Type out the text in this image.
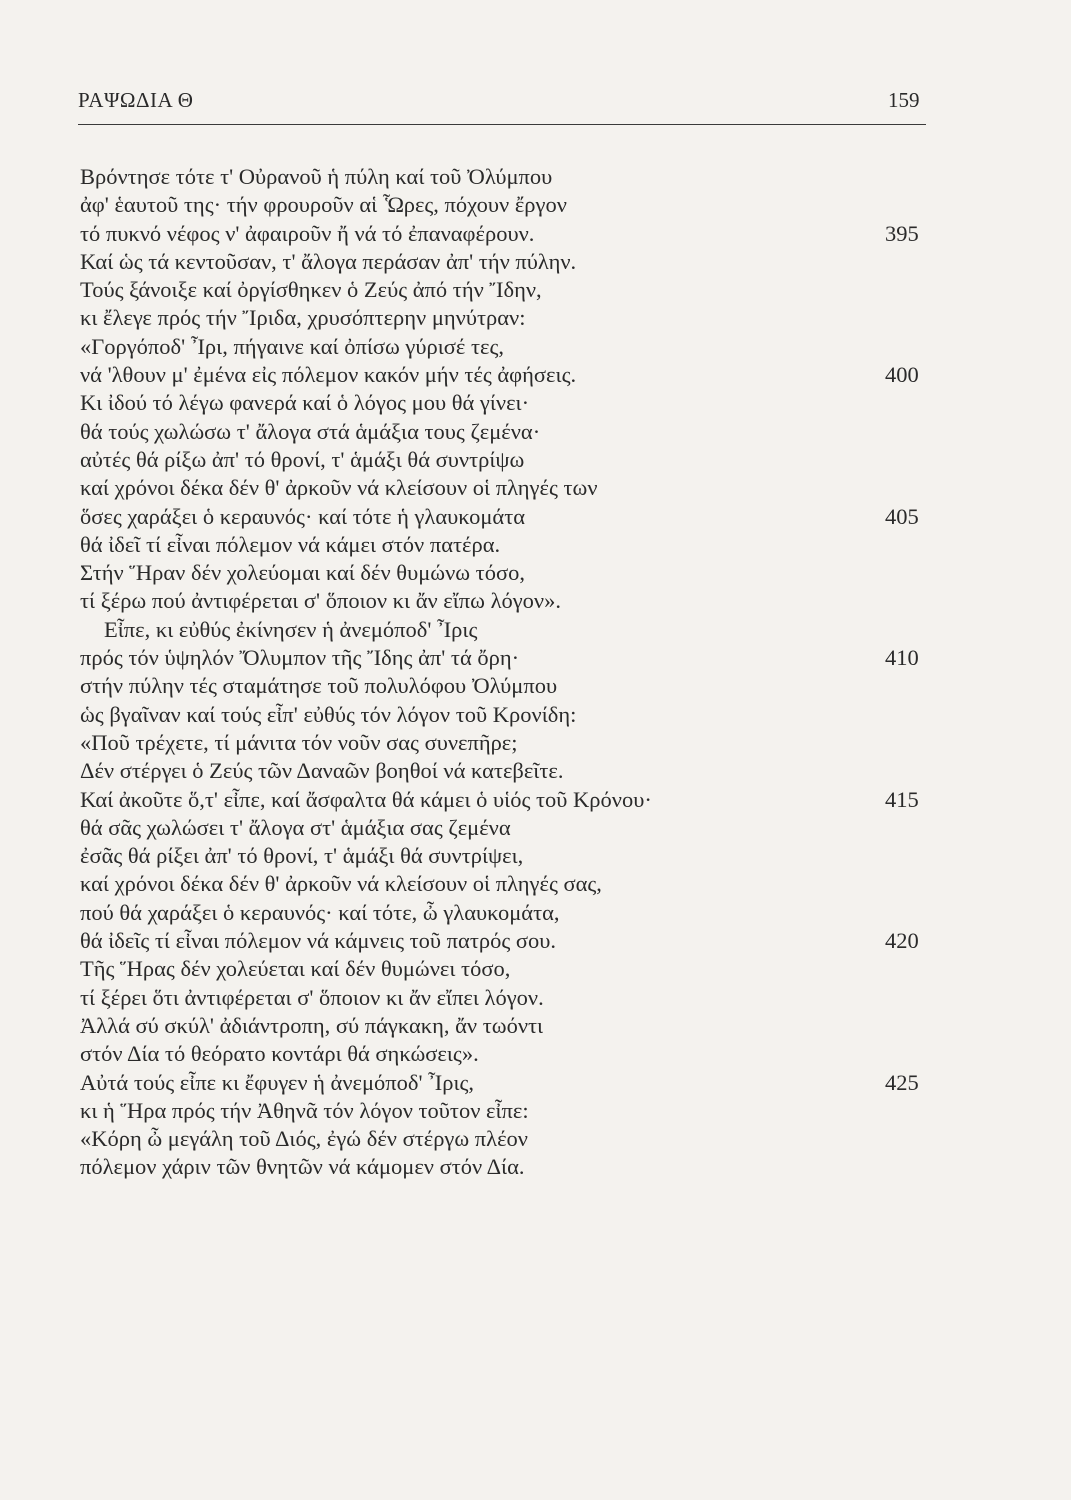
ΡΑΨΩΔΙΑ Θ	159
Βρόντησε τότε τ' Οὐρανοῦ ἡ πύλη καί τοῦ Ὀλύμπου
ἀφ' ἑαυτοῦ της· τήν φρουροῦν αἱ Ὧρες, πόχουν ἔργον
τό πυκνό νέφος ν' ἀφαιροῦν ἤ νά τό ἐπαναφέρουν.	395
Καί ὡς τά κεντοῦσαν, τ' ἄλογα περάσαν ἀπ' τήν πύλην.
Τούς ξάνοιξε καί ὀργίσθηκεν ὁ Ζεύς ἀπό τήν Ἴδην,
κι ἔλεγε πρός τήν Ἴριδα, χρυσόπτερην μηνύτραν:
«Γοργόποδ' Ἶρι, πήγαινε καί ὀπίσω γύρισέ τες,
νά 'λθουν μ' ἐμένα εἰς πόλεμον κακόν μήν τές ἀφήσεις.	400
Κι ἰδού τό λέγω φανερά καί ὁ λόγος μου θά γίνει·
θά τούς χωλώσω τ' ἄλογα στά ἁμάξια τους ζεμένα·
αὐτές θά ρίξω ἀπ' τό θρονί, τ' ἁμάξι θά συντρίψω
καί χρόνοι δέκα δέν θ' ἀρκοῦν νά κλείσουν οἱ πληγές των
ὅσες χαράξει ὁ κεραυνός· καί τότε ἡ γλαυκομάτα	405
θά ἰδεῖ τί εἶναι πόλεμον νά κάμει στόν πατέρα.
Στήν Ἥραν δέν χολεύομαι καί δέν θυμώνω τόσο,
τί ξέρω πού ἀντιφέρεται σ' ὅποιον κι ἄν εἴπω λόγον».
Εἶπε, κι εὐθύς ἐκίνησεν ἡ ἀνεμόποδ' Ἶρις
πρός τόν ὑψηλόν Ὄλυμπον τῆς Ἴδης ἀπ' τά ὄρη·	410
στήν πύλην τές σταμάτησε τοῦ πολυλόφου Ὀλύμπου
ὡς βγαῖναν καί τούς εἶπ' εὐθύς τόν λόγον τοῦ Κρονίδη:
«Ποῦ τρέχετε, τί μάνιτα τόν νοῦν σας συνεπῆρε;
Δέν στέργει ὁ Ζεύς τῶν Δαναῶν βοηθοί νά κατεβεῖτε.
Καί ἀκοῦτε ὅ,τ' εἶπε, καί ἄσφαλτα θά κάμει ὁ υἱός τοῦ Κρόνου·	415
θά σᾶς χωλώσει τ' ἄλογα στ' ἁμάξια σας ζεμένα
ἐσᾶς θά ρίξει ἀπ' τό θρονί, τ' ἁμάξι θά συντρίψει,
καί χρόνοι δέκα δέν θ' ἀρκοῦν νά κλείσουν οἱ πληγές σας,
πού θά χαράξει ὁ κεραυνός· καί τότε, ὦ γλαυκομάτα,
θά ἰδεῖς τί εἶναι πόλεμον νά κάμνεις τοῦ πατρός σου.	420
Τῆς Ἥρας δέν χολεύεται καί δέν θυμώνει τόσο,
τί ξέρει ὅτι ἀντιφέρεται σ' ὅποιον κι ἄν εἴπει λόγον.
Ἀλλά σύ σκύλ' ἀδιάντροπη, σύ πάγκακη, ἄν τωόντι
στόν Δία τό θεόρατο κοντάρι θά σηκώσεις».
Αὐτά τούς εἶπε κι ἔφυγεν ἡ ἀνεμόποδ' Ἶρις,	425
κι ἡ Ἥρα πρός τήν Ἀθηνᾶ τόν λόγον τοῦτον εἶπε:
«Κόρη ὦ μεγάλη τοῦ Διός, ἐγώ δέν στέργω πλέον
πόλεμον χάριν τῶν θνητῶν νά κάμομεν στόν Δία.
